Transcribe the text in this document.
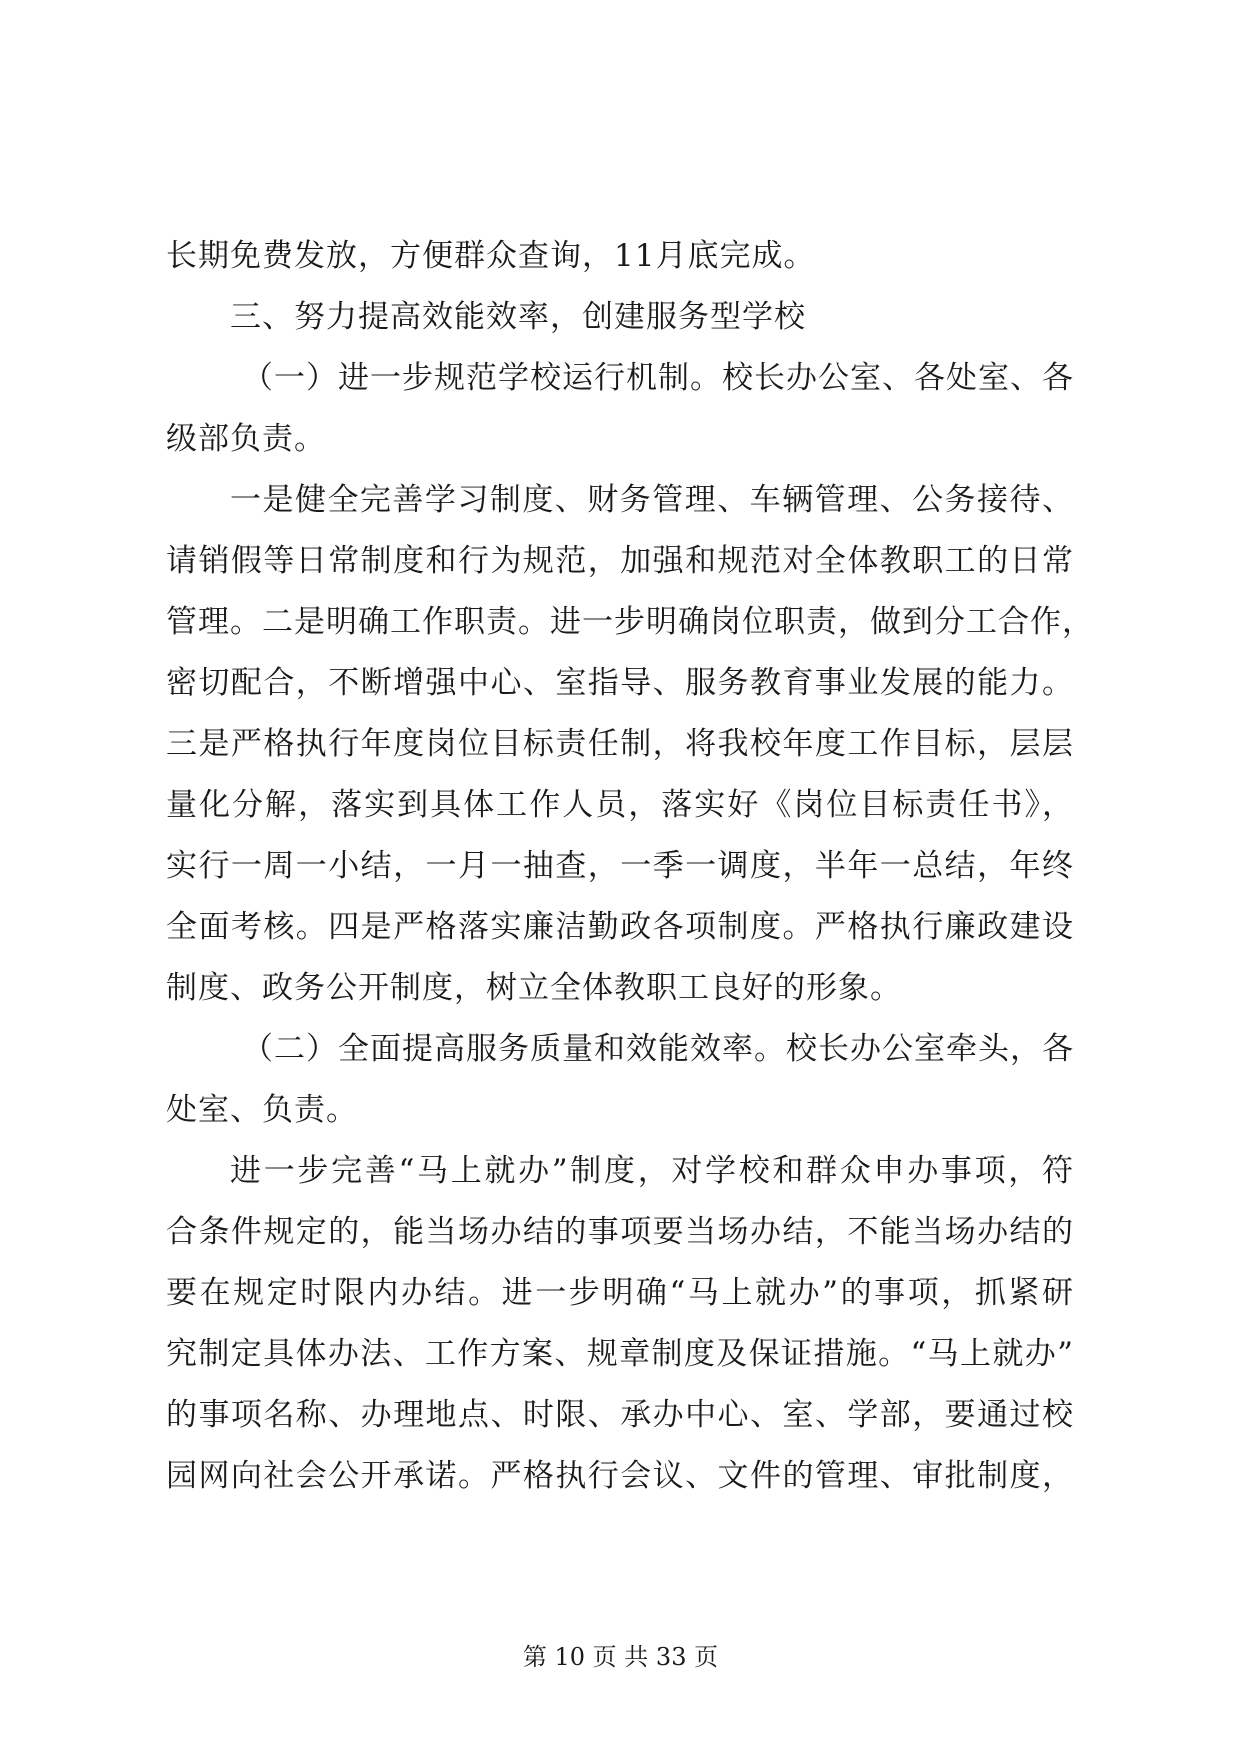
长期免费发放，方便群众查询，11月底完成。
三、努力提高效能效率，创建服务型学校
（一）进一步规范学校运行机制。校长办公室、各处室、各
级部负责。
一是健全完善学习制度、财务管理、车辆管理、公务接待、
请销假等日常制度和行为规范，加强和规范对全体教职工的日常
管理。二是明确工作职责。进一步明确岗位职责，做到分工合作，
密切配合，不断增强中心、室指导、服务教育事业发展的能力。
三是严格执行年度岗位目标责任制，将我校年度工作目标，层层
量化分解，落实到具体工作人员，落实好《岗位目标责任书》，
实行一周一小结，一月一抽查，一季一调度，半年一总结，年终
全面考核。四是严格落实廉洁勤政各项制度。严格执行廉政建设
制度、政务公开制度，树立全体教职工良好的形象。
（二）全面提高服务质量和效能效率。校长办公室牵头，各
处室、负责。
进一步完善“马上就办”制度，对学校和群众申办事项，符
合条件规定的，能当场办结的事项要当场办结，不能当场办结的
要在规定时限内办结。进一步明确“马上就办”的事项，抓紧研
究制定具体办法、工作方案、规章制度及保证措施。“马上就办”
的事项名称、办理地点、时限、承办中心、室、学部，要通过校
园网向社会公开承诺。严格执行会议、文件的管理、审批制度，
第 10 页 共 33 页
